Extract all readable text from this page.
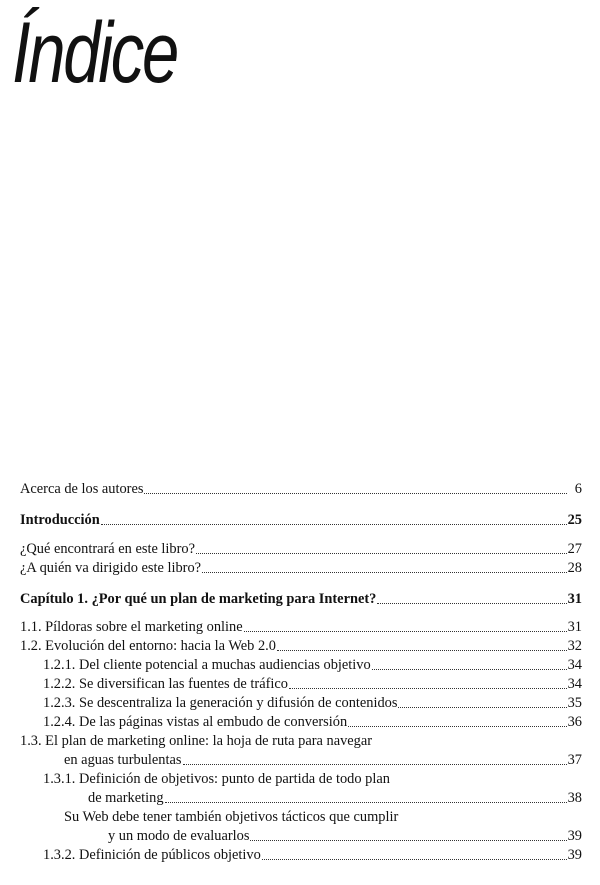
Índice
Acerca de los autores	6
Introducción	25
¿Qué encontrará en este libro?	27
¿A quién va dirigido este libro?	28
Capítulo 1. ¿Por qué un plan de marketing para Internet?	31
1.1. Píldoras sobre el marketing online	31
1.2. Evolución del entorno: hacia la Web 2.0	32
1.2.1. Del cliente potencial a muchas audiencias objetivo	34
1.2.2. Se diversifican las fuentes de tráfico	34
1.2.3. Se descentraliza la generación y difusión de contenidos	35
1.2.4. De las páginas vistas al embudo de conversión	36
1.3. El plan de marketing online: la hoja de ruta para navegar
en aguas turbulentas	37
1.3.1. Definición de objetivos: punto de partida de todo plan
de marketing	38
Su Web debe tener también objetivos tácticos que cumplir
y un modo de evaluarlos	39
1.3.2. Definición de públicos objetivo	39
